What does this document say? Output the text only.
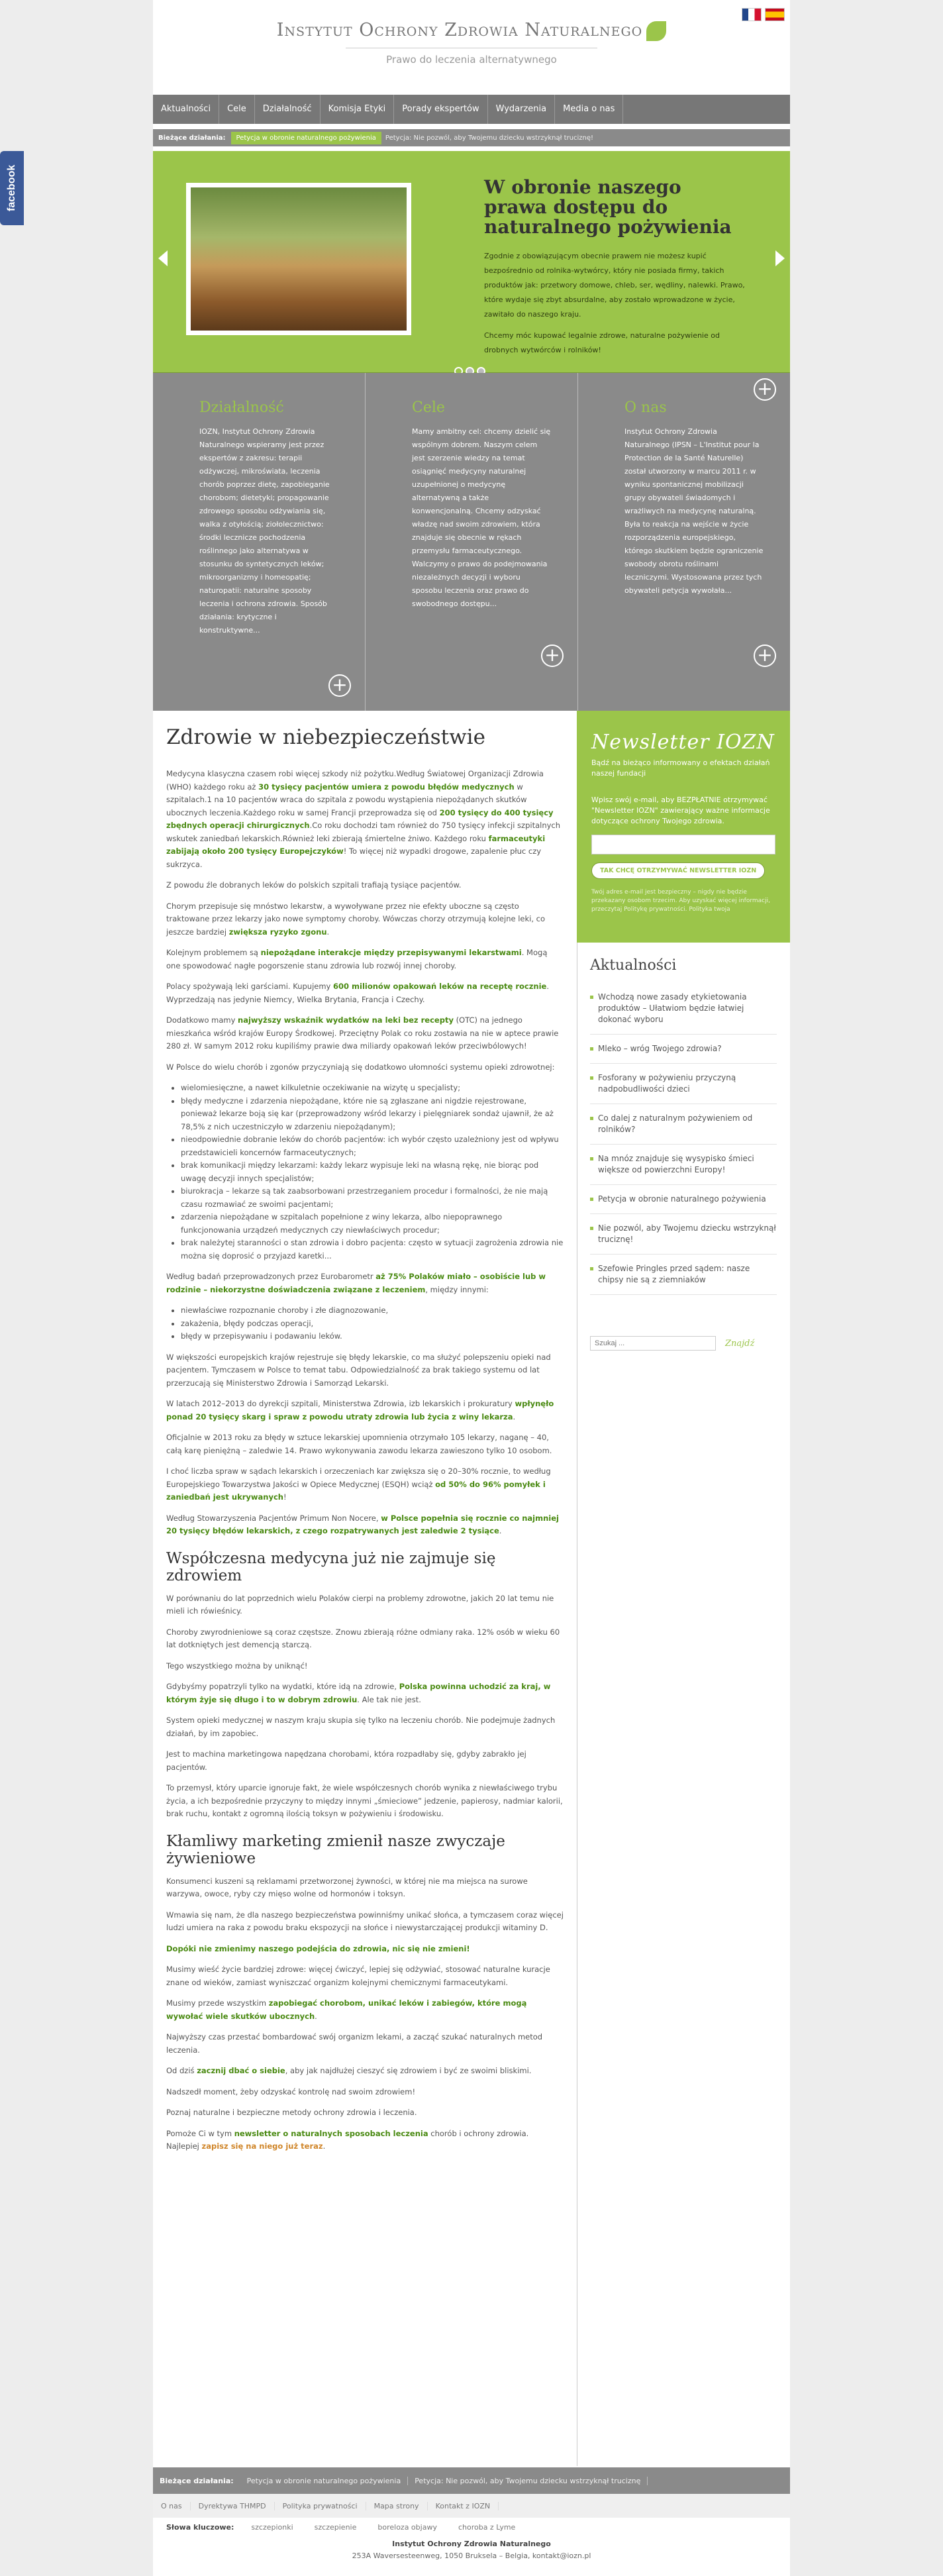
facebook
Instytut Ochrony Zdrowia Naturalnego
Prawo do leczenia alternatywnego
Aktualności	Cele	Działalność	Komisja Etyki	Porady ekspertów	Wydarzenia	Media o nas
Bieżące działania:	Petycja w obronie naturalnego pożywienia	Petycja: Nie pozwól, aby Twojemu dziecku wstrzyknął truciznę!
W obronie naszego prawa dostępu do naturalnego pożywienia

Zgodnie z obowiązującym obecnie prawem nie możesz kupić bezpośrednio od rolnika-wytwórcy, który nie posiada firmy, takich produktów jak: przetwory domowe, chleb, ser, wędliny, nalewki. Prawo, które wydaje się zbyt absurdalne, aby zostało wprowadzone w życie, zawitało do naszego kraju.

Chcemy móc kupować legalnie zdrowe, naturalne pożywienie od drobnych wytwórców i rolników!

Działalność

IOZN, Instytut Ochrony Zdrowia Naturalnego wspieramy jest przez ekspertów z zakresu: terapii odżywczej, mikroświata, leczenia chorób poprzez dietę, zapobieganie chorobom; dietetyki; propagowanie zdrowego sposobu odżywiania się, walka z otyłością; ziołolecznictwo: środki lecznicze pochodzenia roślinnego jako alternatywa w stosunku do syntetycznych leków; mikroorganizmy i homeopatię; naturopatii: naturalne sposoby leczenia i ochrona zdrowia. Sposób działania: krytyczne i konstruktywne...

+
Cele

Mamy ambitny cel: chcemy dzielić się wspólnym dobrem. Naszym celem jest szerzenie wiedzy na temat osiągnięć medycyny naturalnej uzupełnionej o medycynę alternatywną a także konwencjonalną. Chcemy odzyskać władzę nad swoim zdrowiem, która znajduje się obecnie w rękach przemysłu farmaceutycznego. Walczymy o prawo do podejmowania niezależnych decyzji i wyboru sposobu leczenia oraz prawo do swobodnego dostępu...

+
O nas

Instytut Ochrony Zdrowia Naturalnego (IPSN – L'Institut pour la Protection de la Santé Naturelle) został utworzony w marcu 2011 r. w wyniku spontanicznej mobilizacji grupy obywateli świadomych i wrażliwych na medycynę naturalną. Była to reakcja na wejście w życie rozporządzenia europejskiego, którego skutkiem będzie ograniczenie swobody obrotu roślinami leczniczymi. Wystosowana przez tych obywateli petycja wywołała...

+
+
Zdrowie w niebezpieczeństwie

Medycyna klasyczna czasem robi więcej szkody niż pożytku.Według Światowej Organizacji Zdrowia (WHO) każdego roku aż 30 tysięcy pacjentów umiera z powodu błędów medycznych w szpitalach.1 na 10 pacjentów wraca do szpitala z powodu wystąpienia niepożądanych skutków ubocznych leczenia.Każdego roku w samej Francji przeprowadza się od 200 tysięcy do 400 tysięcy zbędnych operacji chirurgicznych.Co roku dochodzi tam również do 750 tysięcy infekcji szpitalnych wskutek zaniedbań lekarskich.Również leki zbierają śmiertelne żniwo. Każdego roku farmaceutyki zabijają około 200 tysięcy Europejczyków! To więcej niż wypadki drogowe, zapalenie płuc czy sukrzyca.

Z powodu źle dobranych leków do polskich szpitali trafiają tysiące pacjentów.

Chorym przepisuje się mnóstwo lekarstw, a wywoływane przez nie efekty uboczne są często traktowane przez lekarzy jako nowe symptomy choroby. Wówczas chorzy otrzymują kolejne leki, co jeszcze bardziej zwiększa ryzyko zgonu.

Kolejnym problemem są niepożądane interakcje między przepisywanymi lekarstwami. Mogą one spowodować nagłe pogorszenie stanu zdrowia lub rozwój innej choroby.

Polacy spożywają leki garściami. Kupujemy 600 milionów opakowań leków na receptę rocznie. Wyprzedzają nas jedynie Niemcy, Wielka Brytania, Francja i Czechy.

Dodatkowo mamy najwyższy wskaźnik wydatków na leki bez recepty (OTC) na jednego mieszkańca wśród krajów Europy Środkowej. Przeciętny Polak co roku zostawia na nie w aptece prawie 280 zł. W samym 2012 roku kupiliśmy prawie dwa miliardy opakowań leków przeciwbólowych!

W Polsce do wielu chorób i zgonów przyczyniają się dodatkowo ułomności systemu opieki zdrowotnej:

• wielomiesięczne, a nawet kilkuletnie oczekiwanie na wizytę u specjalisty;
• błędy medyczne i zdarzenia niepożądane, które nie są zgłaszane ani nigdzie rejestrowane, ponieważ lekarze boją się kar (przeprowadzony wśród lekarzy i pielęgniarek sondaż ujawnił, że aż 78,5% z nich uczestniczyło w zdarzeniu niepożądanym);
• nieodpowiednie dobranie leków do chorób pacjentów: ich wybór często uzależniony jest od wpływu przedstawicieli koncernów farmaceutycznych;
• brak komunikacji między lekarzami: każdy lekarz wypisuje leki na własną rękę, nie biorąc pod uwagę decyzji innych specjalistów;
• biurokracja – lekarze są tak zaabsorbowani przestrzeganiem procedur i formalności, że nie mają czasu rozmawiać ze swoimi pacjentami;
• zdarzenia niepożądane w szpitalach popełnione z winy lekarza, albo niepoprawnego funkcjonowania urządzeń medycznych czy niewłaściwych procedur;
• brak należytej staranności o stan zdrowia i dobro pacjenta: często w sytuacji zagrożenia zdrowia nie można się doprosić o przyjazd karetki...

Według badań przeprowadzonych przez Eurobarometr aż 75% Polaków miało – osobiście lub w rodzinie – niekorzystne doświadczenia związane z leczeniem, między innymi:

• niewłaściwe rozpoznanie choroby i złe diagnozowanie,
• zakażenia, błędy podczas operacji,
• błędy w przepisywaniu i podawaniu leków.

W większości europejskich krajów rejestruje się błędy lekarskie, co ma służyć polepszeniu opieki nad pacjentem. Tymczasem w Polsce to temat tabu. Odpowiedzialność za brak takiego systemu od lat przerzucają się Ministerstwo Zdrowia i Samorząd Lekarski.

W latach 2012–2013 do dyrekcji szpitali, Ministerstwa Zdrowia, izb lekarskich i prokuratury wpłynęło ponad 20 tysięcy skarg i spraw z powodu utraty zdrowia lub życia z winy lekarza.

Oficjalnie w 2013 roku za błędy w sztuce lekarskiej upomnienia otrzymało 105 lekarzy, naganę – 40, całą karę pieniężną – zaledwie 14. Prawo wykonywania zawodu lekarza zawieszono tylko 10 osobom.

I choć liczba spraw w sądach lekarskich i orzeczeniach kar zwiększa się o 20–30% rocznie, to według Europejskiego Towarzystwa Jakości w Opiece Medycznej (ESQH) wciąż od 50% do 96% pomyłek i zaniedbań jest ukrywanych!

Według Stowarzyszenia Pacjentów Primum Non Nocere, w Polsce popełnia się rocznie co najmniej 20 tysięcy błędów lekarskich, z czego rozpatrywanych jest zaledwie 2 tysiące.

Współczesna medycyna już nie zajmuje się zdrowiem

W porównaniu do lat poprzednich wielu Polaków cierpi na problemy zdrowotne, jakich 20 lat temu nie mieli ich rówieśnicy.

Choroby zwyrodnieniowe są coraz częstsze. Znowu zbierają różne odmiany raka. 12% osób w wieku 60 lat dotkniętych jest demencją starczą.

Tego wszystkiego można by uniknąć!

Gdybyśmy popatrzyli tylko na wydatki, które idą na zdrowie, Polska powinna uchodzić za kraj, w którym żyje się długo i to w dobrym zdrowiu. Ale tak nie jest.

System opieki medycznej w naszym kraju skupia się tylko na leczeniu chorób. Nie podejmuje żadnych działań, by im zapobiec.

Jest to machina marketingowa napędzana chorobami, która rozpadłaby się, gdyby zabrakło jej pacjentów.

To przemysł, który uparcie ignoruje fakt, że wiele współczesnych chorób wynika z niewłaściwego trybu życia, a ich bezpośrednie przyczyny to między innymi „śmieciowe” jedzenie, papierosy, nadmiar kalorii, brak ruchu, kontakt z ogromną ilością toksyn w pożywieniu i środowisku.

Kłamliwy marketing zmienił nasze zwyczaje żywieniowe

Konsumenci kuszeni są reklamami przetworzonej żywności, w której nie ma miejsca na surowe warzywa, owoce, ryby czy mięso wolne od hormonów i toksyn.

Wmawia się nam, że dla naszego bezpieczeństwa powinniśmy unikać słońca, a tymczasem coraz więcej ludzi umiera na raka z powodu braku ekspozycji na słońce i niewystarczającej produkcji witaminy D.

Dopóki nie zmienimy naszego podejścia do zdrowia, nic się nie zmieni!

Musimy wieść życie bardziej zdrowe: więcej ćwiczyć, lepiej się odżywiać, stosować naturalne kuracje znane od wieków, zamiast wyniszczać organizm kolejnymi chemicznymi farmaceutykami.

Musimy przede wszystkim zapobiegać chorobom, unikać leków i zabiegów, które mogą wywołać wiele skutków ubocznych.

Najwyższy czas przestać bombardować swój organizm lekami, a zacząć szukać naturalnych metod leczenia.

Od dziś zacznij dbać o siebie, aby jak najdłużej cieszyć się zdrowiem i być ze swoimi bliskimi.

Nadszedł moment, żeby odzyskać kontrolę nad swoim zdrowiem!

Poznaj naturalne i bezpieczne metody ochrony zdrowia i leczenia.

Pomoże Ci w tym newsletter o naturalnych sposobach leczenia chorób i ochrony zdrowia. Najlepiej zapisz się na niego już teraz.

Newsletter IOZN
Bądź na bieżąco informowany o efektach działań naszej fundacji
Wpisz swój e-mail, aby BEZPŁATNIE otrzymywać "Newsletter IOZN" zawierający ważne informacje dotyczące ochrony Twojego zdrowia.
TAK CHCĘ OTRZYMYWAĆ NEWSLETTER IOZN
Twój adres e-mail jest bezpieczny – nigdy nie będzie przekazany osobom trzecim. Aby uzyskać więcej informacji, przeczytaj Politykę prywatności. Polityka twoja
Aktualności
Wchodzą nowe zasady etykietowania produktów – Ułatwiom będzie łatwiej dokonać wyboru
Mleko – wróg Twojego zdrowia?
Fosforany w pożywieniu przyczyną nadpobudliwości dzieci
Co dalej z naturalnym pożywieniem od rolników?
Na mnóz znajduje się wysypisko śmieci większe od powierzchni Europy!
Petycja w obronie naturalnego pożywienia
Nie pozwól, aby Twojemu dziecku wstrzyknął truciznę!
Szefowie Pringles przed sądem: nasze chipsy nie są z ziemniaków
Szukaj ...
Znajdź
Bieżące działania:	Petycja w obronie naturalnego pożywienia	Petycja: Nie pozwól, aby Twojemu dziecku wstrzyknął truciznę
O nas	Dyrektywa THMPD	Polityka prywatności	Mapa strony	Kontakt z IOZN
Słowa kluczowe:	szczepionki	szczepienie	boreloza objawy	choroba z Lyme
Instytut Ochrony Zdrowia Naturalnego
253A Waversesteenweg, 1050 Bruksela – Belgia, kontakt@iozn.pl
